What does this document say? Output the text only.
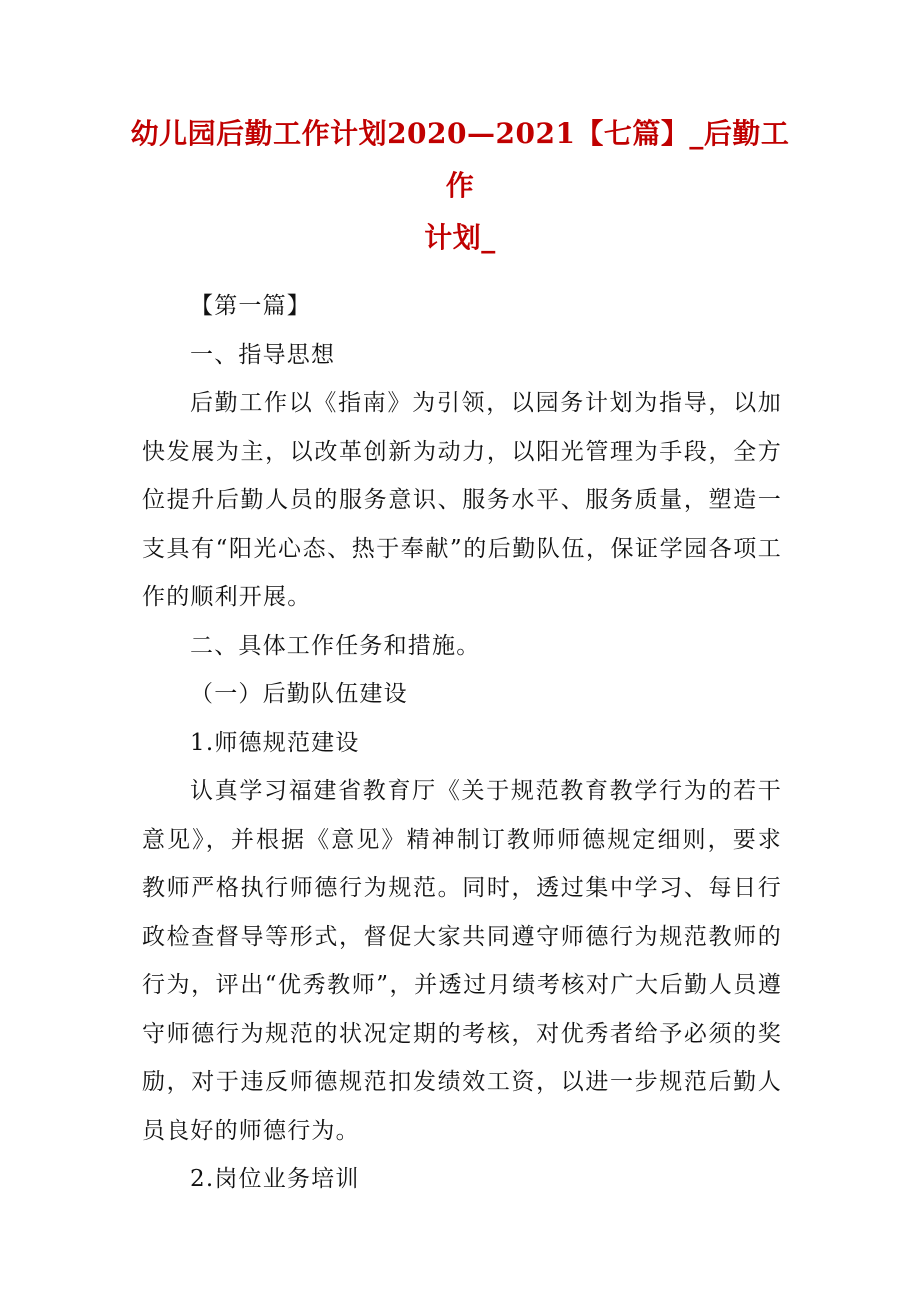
幼儿园后勤工作计划2020—2021【七篇】_后勤工作
计划_

【第一篇】

一、指导思想

后勤工作以《指南》为引领，以园务计划为指导，以加快发展为主，以改革创新为动力，以阳光管理为手段，全方位提升后勤人员的服务意识、服务水平、服务质量，塑造一支具有“阳光心态、热于奉献”的后勤队伍，保证学园各项工作的顺利开展。

二、具体工作任务和措施。

（一）后勤队伍建设

1.师德规范建设

认真学习福建省教育厅《关于规范教育教学行为的若干意见》，并根据《意见》精神制订教师师德规定细则，要求教师严格执行师德行为规范。同时，透过集中学习、每日行政检查督导等形式，督促大家共同遵守师德行为规范教师的行为，评出“优秀教师”，并透过月绩考核对广大后勤人员遵守师德行为规范的状况定期的考核，对优秀者给予必须的奖励，对于违反师德规范扣发绩效工资，以进一步规范后勤人员良好的师德行为。

2.岗位业务培训
